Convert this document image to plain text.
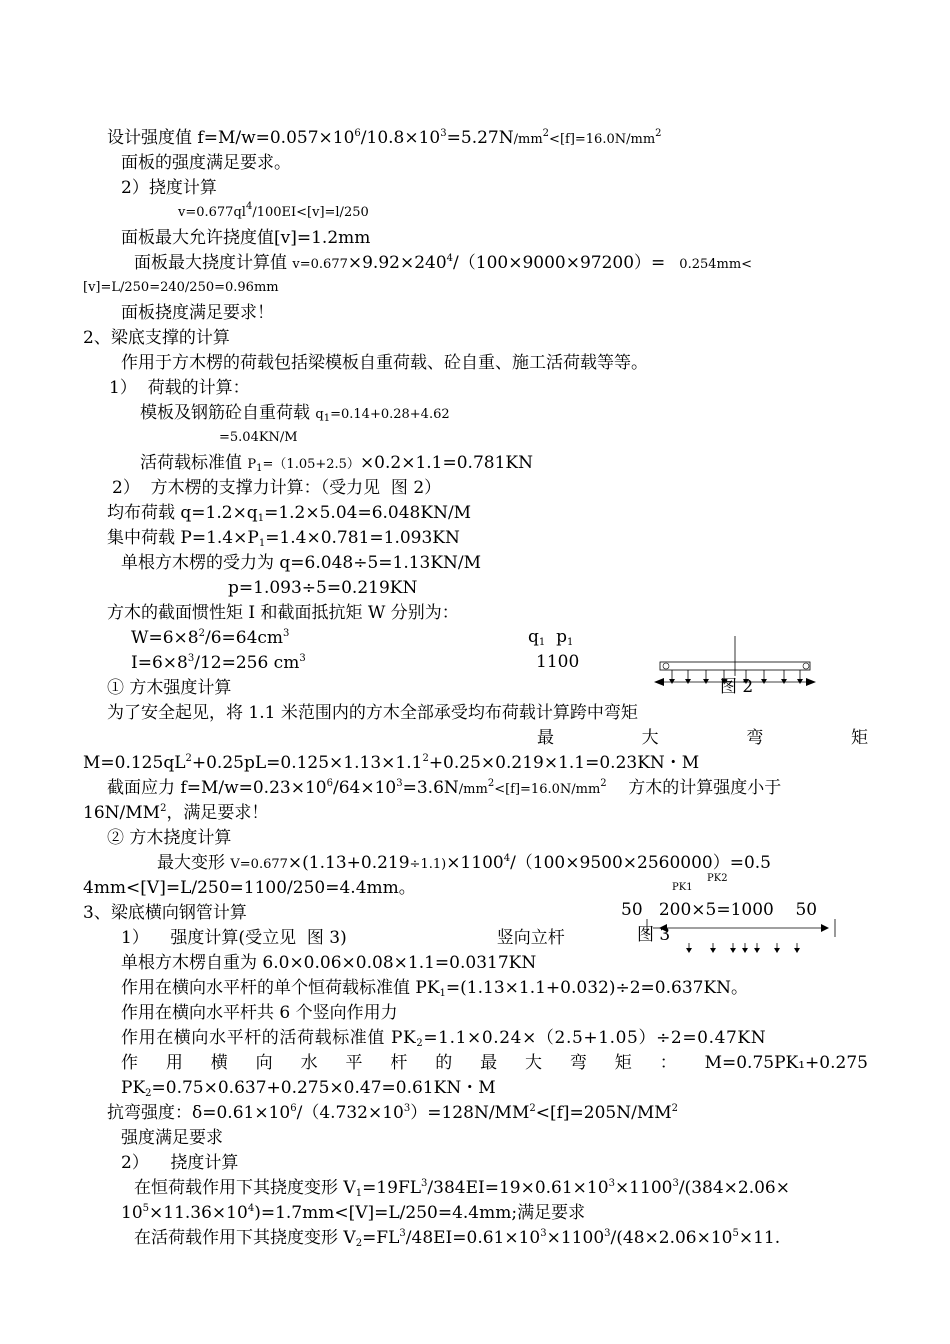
设计强度值 $f=M/w=0.057\times 10^6/10.8\times 10^3=5.27N/mm^2<[f]=16.0N/mm^2$
面板的强度满足要求。
2）挠度计算
$v=0.677ql^4/100EI<[v]=l/250$
面板最大允许挠度值[v]=1.2mm
面板最大挠度计算值 $v=0.677\times 9.92\times 240^4/(100\times 9000\times 97200)= 0.254mm<$
[v]=L/250=240/250=0.96mm
面板挠度满足要求！
2、梁底支撑的计算
作用于方木楞的荷载包括梁模板自重荷载、砼自重、施工活荷载等等。
1）  荷载的计算：
模板及钢筋砼自重荷载 $q_1=0.14+0.28+4.62$
=5.04KN/M
活荷载标准值 $P_1=(1.05+2.5)\times 0.2\times 1.1=0.781KN$
2）  方木楞的支撑力计算：（受力见  图 2）
均布荷载 $q=1.2\times q_1=1.2\times 5.04=6.048KN/M$
集中荷载 $P=1.4\times P_1=1.4\times 0.781=1.093KN$
单根方木楞的受力为 q=6.048÷5=1.13KN/M
p=1.093÷5=0.219KN
方木的截面惯性矩 I 和截面抵抗矩 W 分别为：
$W=6\times 8^2/6=64cm^3$
$I=6\times 8^3/12=256$ $cm^3$
① 方木强度计算
为了安全起见，将 1.1 米范围内的方木全部承受均布荷载计算跨中弯矩
最	大	弯	矩
$M=0.125qL^2+0.25pL=0.125\times 1.13\times 1.1^2+0.25\times 0.219\times 1.1=0.23KN$・M
截面应力 $f=M/w=0.23\times 10^6/64\times 10^3=3.6N/mm^2<[f]=16.0N/mm^2$    方木的计算强度小于
$16N/MM^2$，满足要求！
② 方木挠度计算
最大变形 $V=0.677\times(1.13+0.219\div 1.1)\times 1100^4/(100\times 9500\times 2560000)=0.5$
4mm<[V]=L/250=1100/250=4.4mm。
3、梁底横向钢管计算
1）    强度计算(受立见  图 3)	竖向立杆
单根方木楞自重为 6.0×0.06×0.08×1.1=0.0317KN
作用在横向水平杆的单个恒荷载标准值 $PK_1=(1.13\times 1.1+0.032)\div 2=0.637KN$。
作用在横向水平杆共 6 个竖向作用力
作用在横向水平杆的活荷载标准值 $PK_2=1.1\times 0.24\times(2.5+1.05)\div 2=0.47KN$
作 用 横 向 水 平 杆 的 最 大 弯 矩 ： M=0.75PK₁+0.275
$PK_2=0.75\times 0.637+0.275\times 0.47=0.61KN$・M
抗弯强度：$\delta=0.61\times 10^6/(4.732\times 10^3)=128N/MM^2<[f]=205N/MM^2$
强度满足要求
2）    挠度计算
在恒荷载作用下其挠度变形 $V_1=19FL^3/384EI=19\times 0.61\times 10^3\times 1100^3/(384\times 2.06\times$
$10^5\times 11.36\times 10^4)=1.7mm<[V]=L/250=4.4mm$;满足要求
在活荷载作用下其挠度变形 $V_2=FL^3/48EI=0.61\times 10^3\times 1100^3/(48\times 2.06\times 10^5\times 11$.
$q_1$ $p_1$
1100
图 2
PK1
PK2
50   200×5=1000    50
图 3
